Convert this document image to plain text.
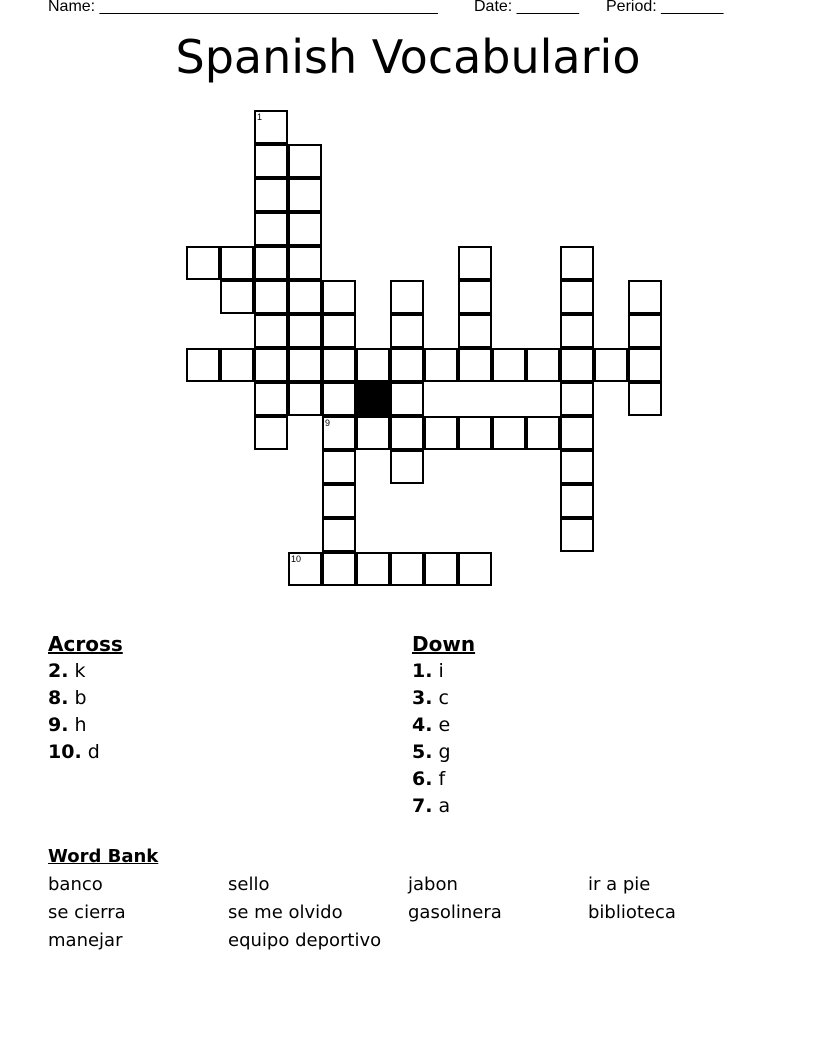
Name: ______________________________________ Date: _______ Period: _______
Spanish Vocabulario
1
9
10
Across
2. k
8. b
9. h
10. d
Down
1. i
3. c
4. e
5. g
6. f
7. a
Word Bank
banco	sello	jabon	ir a pie
se cierra	se me olvido	gasolinera	biblioteca
manejar	equipo deportivo
